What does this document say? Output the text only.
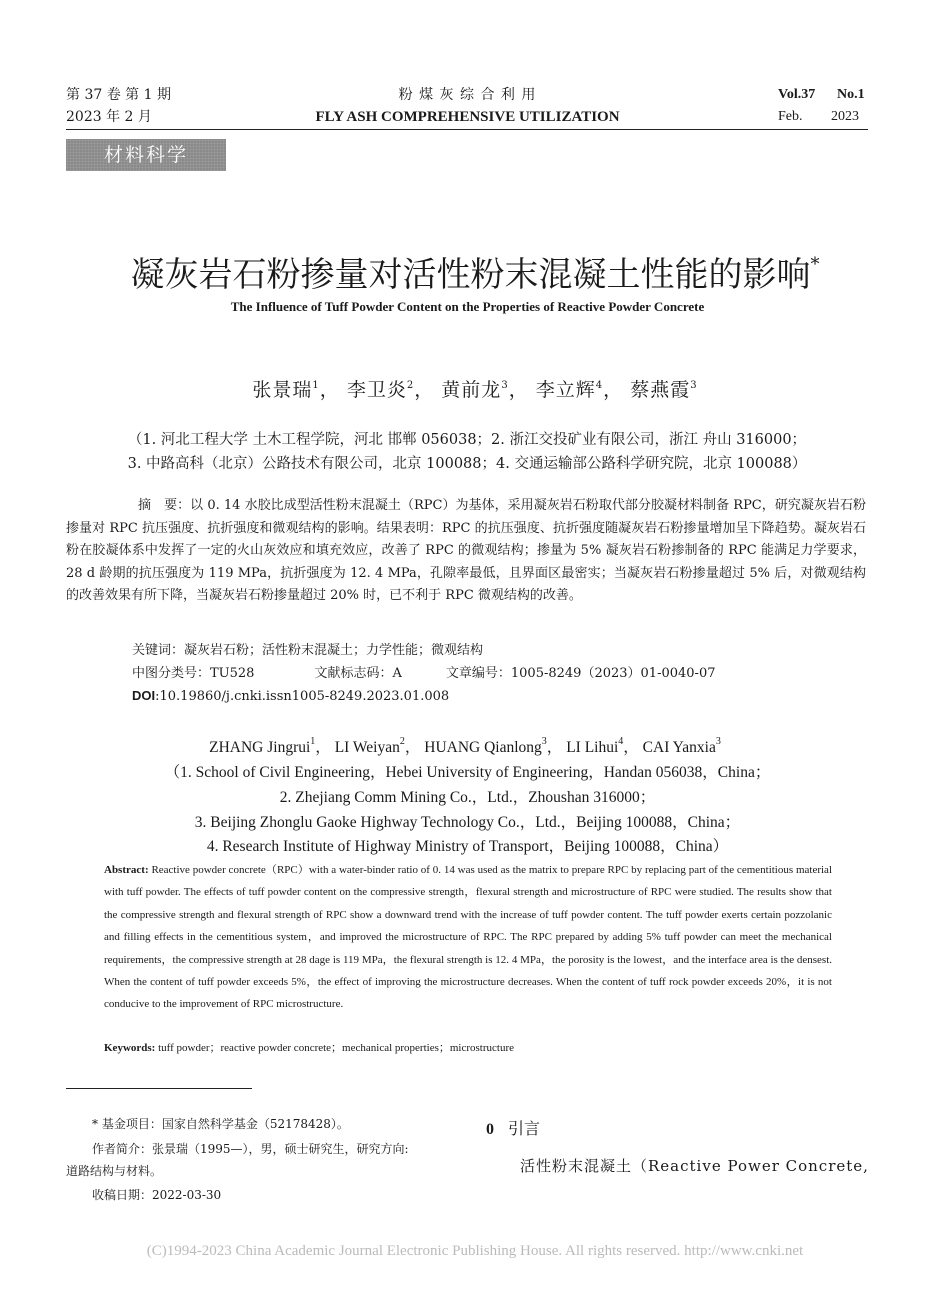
第 37 卷 第 1 期
2023 年 2 月
粉 煤 灰 综 合 利 用
FLY ASH COMPREHENSIVE UTILIZATION
Vol.37 No.1
Feb. 2023
材料科学
凝灰岩石粉掺量对活性粉末混凝土性能的影响*
The Influence of Tuff Powder Content on the Properties of Reactive Powder Concrete
张景瑞$^1$， 李卫炎$^2$， 黄前龙$^3$， 李立辉$^4$， 蔡燕霞$^3$
（1. 河北工程大学 土木工程学院，河北 邯郸 056038；2. 浙江交投矿业有限公司，浙江 舟山 316000；
3. 中路高科（北京）公路技术有限公司，北京 100088；4. 交通运输部公路科学研究院，北京 100088）
摘　要：以 0. 14 水胶比成型活性粉末混凝土（RPC）为基体，采用凝灰岩石粉取代部分胶凝材料制备 RPC，研究凝灰岩石粉掺量对 RPC 抗压强度、抗折强度和微观结构的影响。结果表明：RPC 的抗压强度、抗折强度随凝灰岩石粉掺量增加呈下降趋势。凝灰岩石粉在胶凝体系中发挥了一定的火山灰效应和填充效应，改善了 RPC 的微观结构；掺量为 5% 凝灰岩石粉掺制备的 RPC 能满足力学要求，28 d 龄期的抗压强度为 119 MPa，抗折强度为 12. 4 MPa，孔隙率最低，且界面区最密实；当凝灰岩石粉掺量超过 5% 后，对微观结构的改善效果有所下降，当凝灰岩石粉掺量超过 20% 时，已不利于 RPC 微观结构的改善。
关键词：凝灰岩石粉；活性粉末混凝土；力学性能；微观结构
中图分类号：TU528	文献标志码：A	文章编号：1005-8249（2023）01-0040-07
DOI:10.19860/j.cnki.issn1005-8249.2023.01.008
ZHANG Jingrui$^1$， LI Weiyan$^2$， HUANG Qianlong$^3$， LI Lihui$^4$， CAI Yanxia$^3$
（1. School of Civil Engineering，Hebei University of Engineering，Handan 056038，China；
2. Zhejiang Comm Mining Co.，Ltd.，Zhoushan 316000；
3. Beijing Zhonglu Gaoke Highway Technology Co.，Ltd.，Beijing 100088，China；
4. Research Institute of Highway Ministry of Transport，Beijing 100088，China）
Abstract: Reactive powder concrete（RPC）with a water-binder ratio of 0. 14 was used as the matrix to prepare RPC by replacing part of the cementitious material with tuff powder. The effects of tuff powder content on the compressive strength，flexural strength and microstructure of RPC were studied. The results show that the compressive strength and flexural strength of RPC show a downward trend with the increase of tuff powder content. The tuff powder exerts certain pozzolanic and filling effects in the cementitious system，and improved the microstructure of RPC. The RPC prepared by adding 5% tuff powder can meet the mechanical requirements，the compressive strength at 28 dage is 119 MPa，the flexural strength is 12. 4 MPa，the porosity is the lowest，and the interface area is the densest. When the content of tuff powder exceeds 5%，the effect of improving the microstructure decreases. When the content of tuff rock powder exceeds 20%，it is not conducive to the improvement of RPC microstructure.
Keywords: tuff powder；reactive powder concrete；mechanical properties；microstructure
* 基金项目：国家自然科学基金（52178428）。
作者简介：张景瑞（1995—），男，硕士研究生，研究方向:
道路结构与材料。
收稿日期：2022-03-30
0 引言
活性粉末混凝土（Reactive Power Concrete,
(C)1994-2023 China Academic Journal Electronic Publishing House. All rights reserved. http://www.cnki.net
